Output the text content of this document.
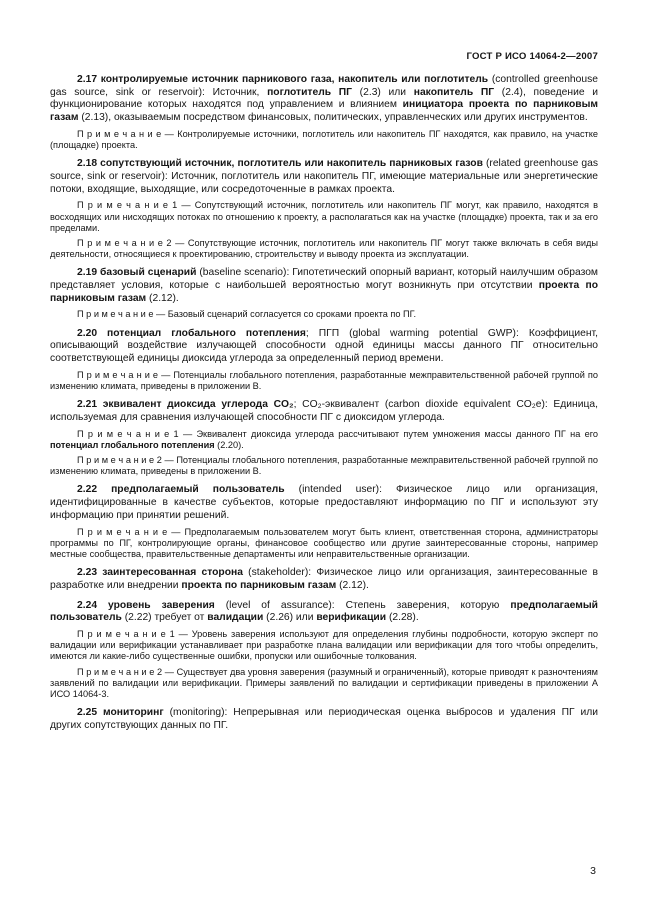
ГОСТ Р ИСО 14064-2—2007

2.17 контролируемые источник парникового газа, накопитель или поглотитель (controlled greenhouse gas source, sink or reservoir): Источник, поглотитель ПГ (2.3) или накопитель ПГ (2.4), поведение и функционирование которых находятся под управлением и влиянием инициатора проекта по парниковым газам (2.13), оказываемым посредством финансовых, политических, управленческих или других инструментов.

П р и м е ч а н и е — Контролируемые источники, поглотитель или накопитель ПГ находятся, как правило, на участке (площадке) проекта.

2.18 сопутствующий источник, поглотитель или накопитель парниковых газов (related greenhouse gas source, sink or reservoir): Источник, поглотитель или накопитель ПГ, имеющие материальные или энергетические потоки, входящие, выходящие, или сосредоточенные в рамках проекта.

П р и м е ч а н и е 1 — Сопутствующий источник, поглотитель или накопитель ПГ могут, как правило, находятся в восходящих или нисходящих потоках по отношению к проекту, а располагаться как на участке (площадке) проекта, так и за его пределами.

П р и м е ч а н и е 2 — Сопутствующие источник, поглотитель или накопитель ПГ могут также включать в себя виды деятельности, относящиеся к проектированию, строительству и выводу проекта из эксплуатации.

2.19 базовый сценарий (baseline scenario): Гипотетический опорный вариант, который наилучшим образом представляет условия, которые с наибольшей вероятностью могут возникнуть при отсутствии проекта по парниковым газам (2.12).

П р и м е ч а н и е — Базовый сценарий согласуется со сроками проекта по ПГ.

2.20 потенциал глобального потепления; ПГП (global warming potential GWP): Коэффициент, описывающий воздействие излучающей способности одной единицы массы данного ПГ относительно соответствующей единицы диоксида углерода за определенный период времени.

П р и м е ч а н и е — Потенциалы глобального потепления, разработанные межправительственной рабочей группой по изменению климата, приведены в приложении В.

2.21 эквивалент диоксида углерода CO₂; CO₂-эквивалент (carbon dioxide equivalent CO₂e): Единица, используемая для сравнения излучающей способности ПГ с диоксидом углерода.

П р и м е ч а н и е 1 — Эквивалент диоксида углерода рассчитывают путем умножения массы данного ПГ на его потенциал глобального потепления (2.20).

П р и м е ч а н и е 2 — Потенциалы глобального потепления, разработанные межправительственной рабочей группой по изменению климата, приведены в приложении В.

2.22 предполагаемый пользователь (intended user): Физическое лицо или организация, идентифицированные в качестве субъектов, которые предоставляют информацию по ПГ и используют эту информацию при принятии решений.

П р и м е ч а н и е — Предполагаемым пользователем могут быть клиент, ответственная сторона, администраторы программы по ПГ, контролирующие органы, финансовое сообщество или другие заинтересованные стороны, например местные сообщества, правительственные департаменты или неправительственные организации.

2.23 заинтересованная сторона (stakeholder): Физическое лицо или организация, заинтересованные в разработке или внедрении проекта по парниковым газам (2.12).

2.24 уровень заверения (level of assurance): Степень заверения, которую предполагаемый пользователь (2.22) требует от валидации (2.26) или верификации (2.28).

П р и м е ч а н и е 1 — Уровень заверения используют для определения глубины подробности, которую эксперт по валидации или верификации устанавливает при разработке плана валидации или верификации для того чтобы определить, имеются ли какие-либо существенные ошибки, пропуски или ошибочные толкования.

П р и м е ч а н и е 2 — Существует два уровня заверения (разумный и ограниченный), которые приводят к разночтениям заявлений по валидации или верификации. Примеры заявлений по валидации и сертификации приведены в приложении А ИСО 14064-3.

2.25 мониторинг (monitoring): Непрерывная или периодическая оценка выбросов и удаления ПГ или других сопутствующих данных по ПГ.

3
